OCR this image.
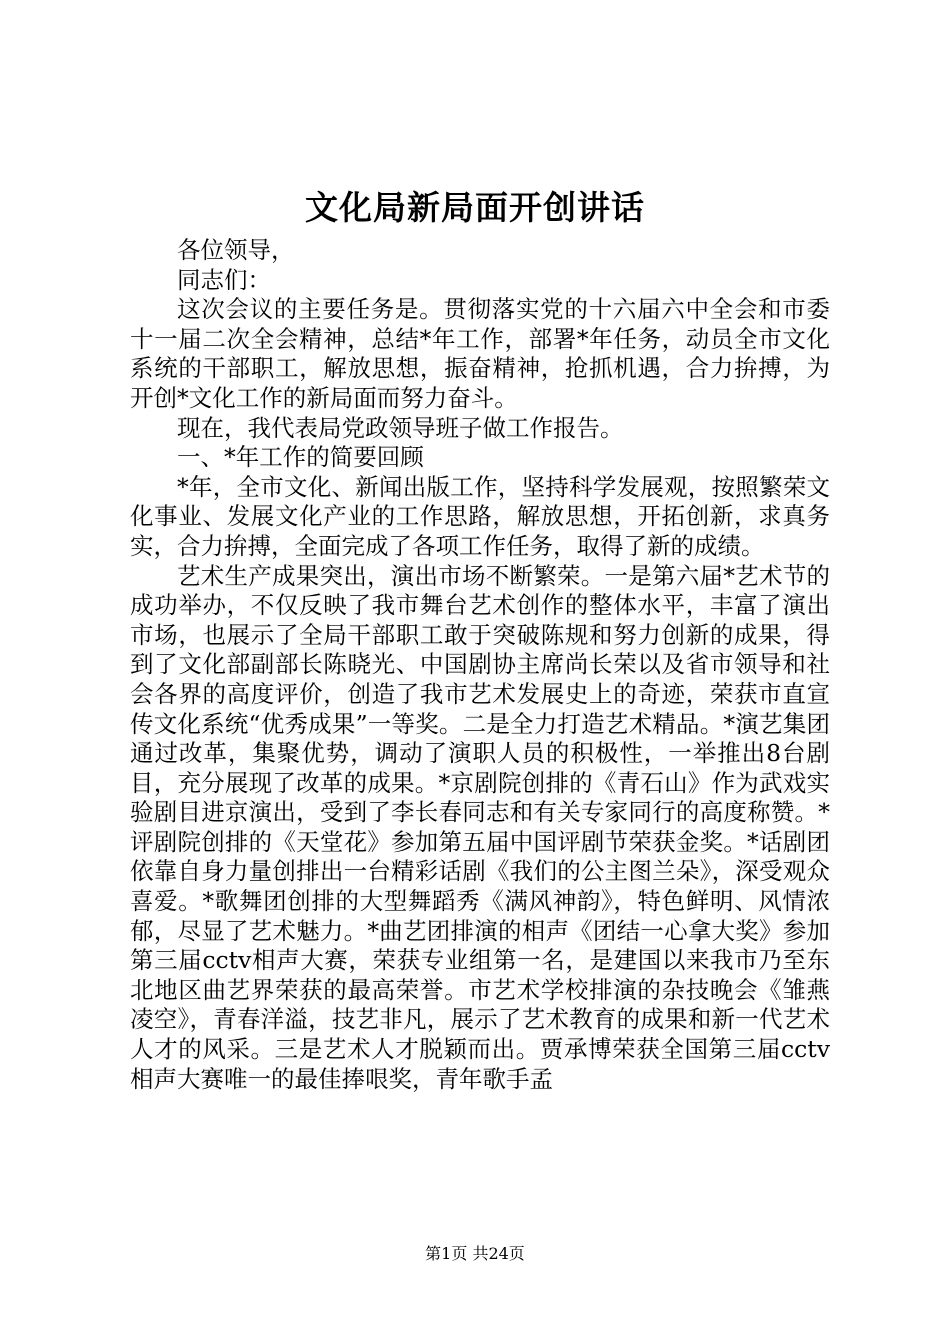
文化局新局面开创讲话

各位领导，

同志们：

这次会议的主要任务是。贯彻落实党的十六届六中全会和市委十一届二次全会精神，总结*年工作，部署*年任务，动员全市文化系统的干部职工，解放思想，振奋精神，抢抓机遇，合力拚搏，为开创*文化工作的新局面而努力奋斗。

现在，我代表局党政领导班子做工作报告。

一、*年工作的简要回顾

*年，全市文化、新闻出版工作，坚持科学发展观，按照繁荣文化事业、发展文化产业的工作思路，解放思想，开拓创新，求真务实，合力拚搏，全面完成了各项工作任务，取得了新的成绩。

艺术生产成果突出，演出市场不断繁荣。一是第六届*艺术节的成功举办，不仅反映了我市舞台艺术创作的整体水平，丰富了演出市场，也展示了全局干部职工敢于突破陈规和努力创新的成果，得到了文化部副部长陈晓光、中国剧协主席尚长荣以及省市领导和社会各界的高度评价，创造了我市艺术发展史上的奇迹，荣获市直宣传文化系统“优秀成果”一等奖。二是全力打造艺术精品。*演艺集团通过改革，集聚优势，调动了演职人员的积极性，一举推出8台剧目，充分展现了改革的成果。*京剧院创排的《青石山》作为武戏实验剧目进京演出，受到了李长春同志和有关专家同行的高度称赞。*评剧院创排的《天堂花》参加第五届中国评剧节荣获金奖。*话剧团依靠自身力量创排出一台精彩话剧《我们的公主图兰朵》，深受观众喜爱。*歌舞团创排的大型舞蹈秀《满风神韵》，特色鲜明、风情浓郁，尽显了艺术魅力。*曲艺团排演的相声《团结一心拿大奖》参加第三届cctv相声大赛，荣获专业组第一名，是建国以来我市乃至东北地区曲艺界荣获的最高荣誉。市艺术学校排演的杂技晚会《雏燕凌空》，青春洋溢，技艺非凡，展示了艺术教育的成果和新一代艺术人才的风采。三是艺术人才脱颖而出。贾承博荣获全国第三届cctv相声大赛唯一的最佳捧哏奖，青年歌手孟

第1页 共24页
